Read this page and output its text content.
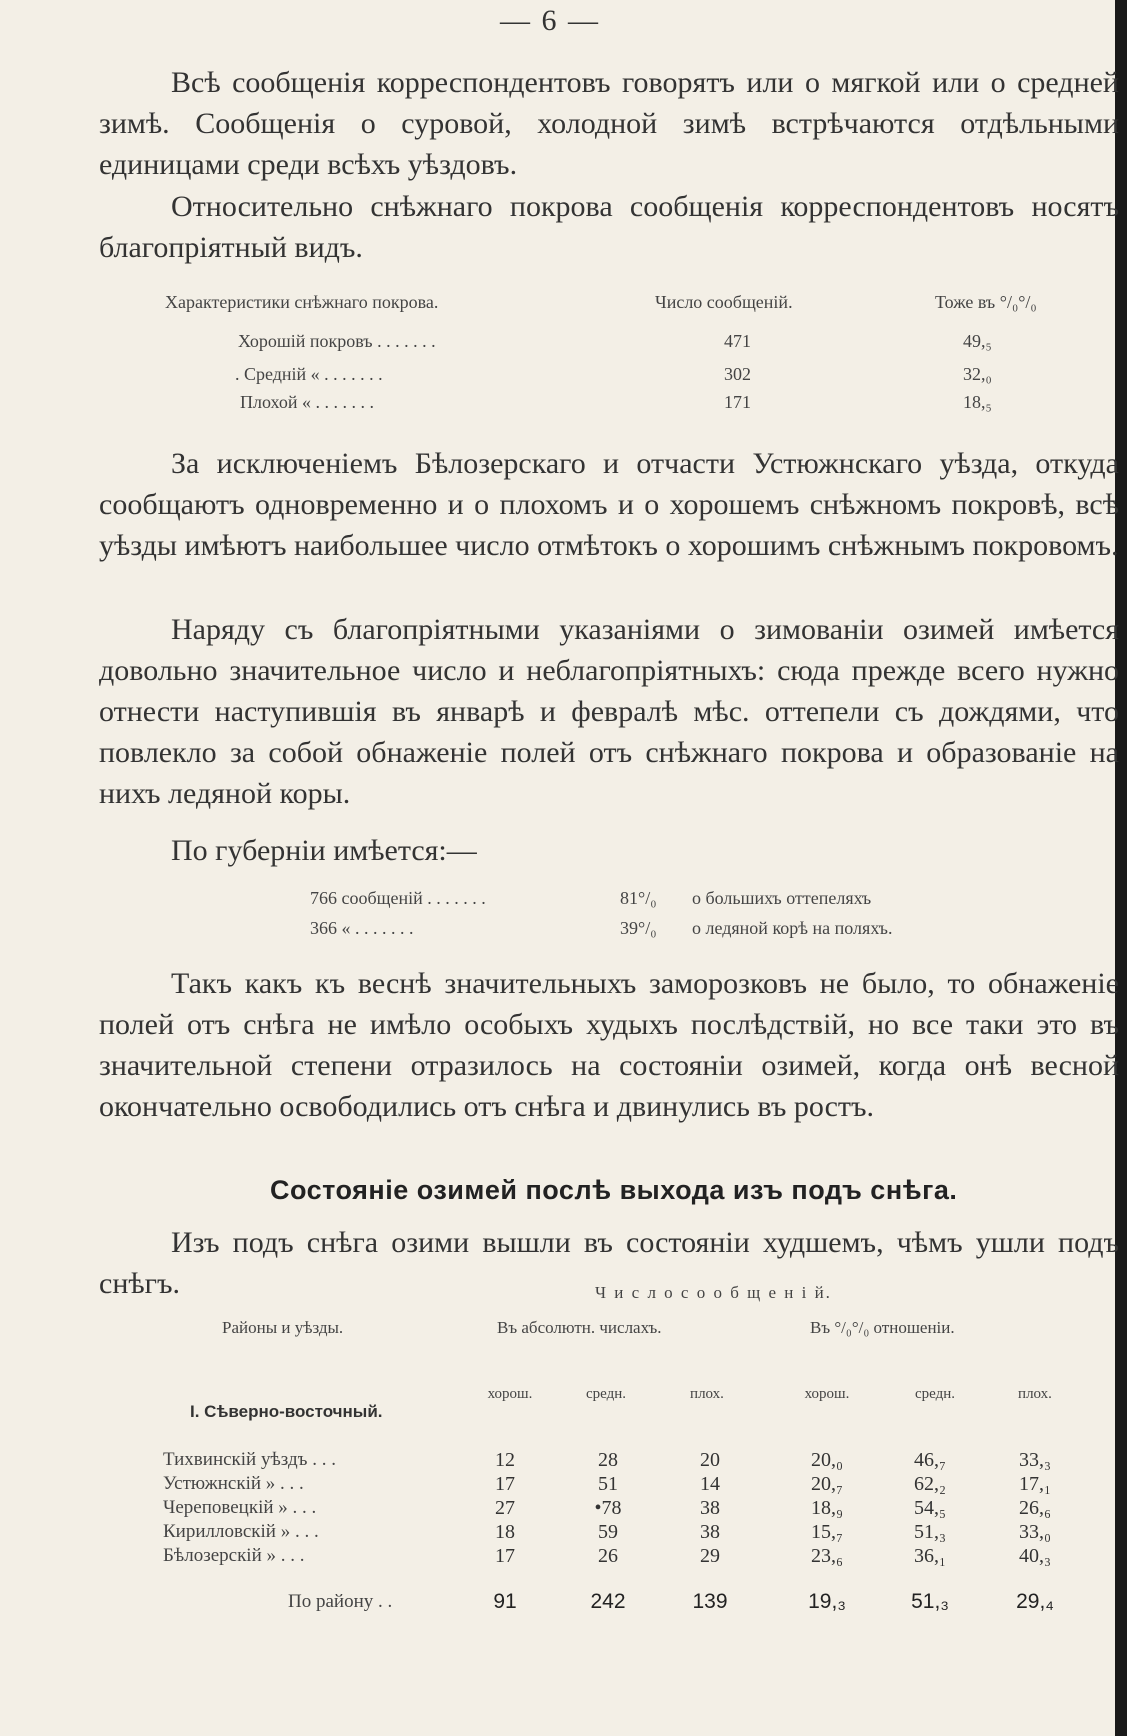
— 6 —

Всѣ сообщенія корреспондентовъ говорятъ или о мягкой или о средней зимѣ. Сообщенія о суровой, холодной зимѣ встрѣчаются отдѣльными единицами среди всѣхъ уѣздовъ.

Относительно снѣжнаго покрова сообщенія корреспондентовъ носятъ благопріятный видъ.

Характеристики снѣжнаго покрова.	Число сообщеній.	Тоже въ °/₀°/₀
Хорошій покровъ . . . . . . .	471	49,₅
. Средній « . . . . . . .	302	32,₀
Плохой « . . . . . . .	171	18,₅

За исключеніемъ Бѣлозерскаго и отчасти Устюжнскаго уѣзда, откуда сообщаютъ одновременно и о плохомъ и о хорошемъ снѣжномъ покровѣ, всѣ уѣзды имѣютъ наибольшее число отмѣтокъ о хорошимъ снѣжнымъ покровомъ.

Наряду съ благопріятными указаніями о зимованіи озимей имѣется довольно значительное число и неблагопріятныхъ: сюда прежде всего нужно отнести наступившія въ январѣ и февралѣ мѣс. оттепели съ дождями, что повлекло за собой обнаженіе полей отъ снѣжнаго покрова и образованіе на нихъ ледяной коры.

По губерніи имѣется:—

766 сообщеній . . . . . . .	81°/₀ о большихъ оттепеляхъ
366 « . . . . . . .	39°/₀ о ледяной корѣ на поляхъ.

Такъ какъ къ веснѣ значительныхъ заморозковъ не было, то обнаженіе полей отъ снѣга не имѣло особыхъ худыхъ послѣдствій, но все таки это въ значительной степени отразилось на состояніи озимей, когда онѣ весной окончательно освободились отъ снѣга и двинулись въ ростъ.

Состояніе озимей послѣ выхода изъ подъ снѣга.

Изъ подъ снѣга озими вышли въ состояніи худшемъ, чѣмъ ушли подъ снѣгъ.	Ч и с л о с о о б щ е н і й.
Районы и уѣзды.	Въ абсолютн. числахъ.	Въ °/₀°/₀ отношеніи.
хорош.	средн.	плох.	хорош.	средн.	плох.
I. Сѣверно-восточный.
Тихвинскій уѣздъ . . .	12	28	20	20,₀	46,₇	33,₃
Устюжнскій » . . .	17	51	14	20,₇	62,₂	17,₁
Череповецкій » . . .	27	•78	38	18,₉	54,₅	26,₆
Кирилловскій » . . .	18	59	38	15,₇	51,₃	33,₀
Бѣлозерскій » . . .	17	26	29	23,₆	36,₁	40,₃
По району . .	91	242	139	19,₃	51,₃	29,₄
